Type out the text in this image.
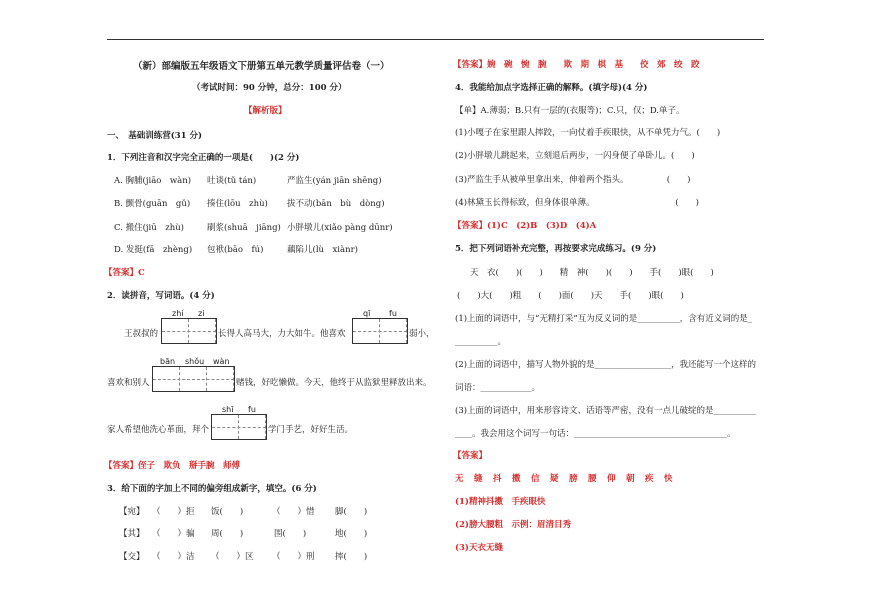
（新）部编版五年级语文下册第五单元教学质量评估卷（一）
（考试时间：90 分钟，总分：100 分）
【解析版】
一、　基础训练营(31 分)
1．下列注音和汉字完全正确的一项是(　　)(2 分)
A. 胸脯(jiāo　wàn) 吐谈(tǔ tán)	严监生(yán jiān shēng)
B. 颤骨(guān　gǔ) 揍住(lōu　zhù) 拔不动(bān　bù　dòng)
C. 搬住(jiū　zhù)	刷浆(shuā　jiāng) 小胖墩儿(xiǎo pàng dūnr)
D. 发挺(fā　zhèng) 包袱(bāo　fú)	藕陷儿(lù　xiànr)
【答案】C
2．读拼音，写词语。(4 分)
zhí zi	qī fu
王叔叔的	长得人高马大，力大如牛。他喜欢	弱小，
bān shǒu wàn
喜欢和别人	赌钱，好吃懒做。今天，他终于从监狱里释放出来。
shī fu
家人希望他洗心革面，拜个	学门手艺，好好生活。
【答案】侄子　欺负　掰手腕　师傅
3．给下面的字加上不同的偏旁组成新字，填空。(6 分)
【宛】 （　　）拒 饭(　　)	（　　）惜 脚(　　)
【其】 （　　）骗 周(　　)	围(　　)	地(　　)
【交】 （　　）洁 （　　）区 （　　）刑 摔(　　)
【答案】婉　碗　惋　腕　　欺　期　棋　基　　佼　郊　绞　跤
4．我能给加点字选择正确的解释。(填字母)(4 分)
【单】A.薄弱；B.只有一层的(衣服等)；C.只，仅；D.单子。
(1)小嘎子在家里跟人摔跤，一向仗着手疾眼快，从不单凭力气。(　　)
(2)小胖墩儿跳起来，立刻退后两步，一闪身便了单卧儿。(　　)
(3)严监生手从被单里拿出来，伸着两个指头。　　　　　(　　)
(4)林黛玉长得标致，但身体很单薄。　　　　　　　　　　(　　)
【答案】(1)C　(2)B　(3)D　(4)A
5．把下列词语补充完整，再按要求完成练习。(9 分)
天　衣(　　)(　　)　　精　神(　　)(　　)　　手(　　)眼(　　)
(　　)大(　　)粗　　(　　)面(　　)天　　手(　　)眼(　　)
(1)上面的词语中，与“无精打采”互为反义词的是__________，含有近义词的是_
__________。
(2)上面的词语中，描写人物外貌的是__________________，我还能写一个这样的
词语：____________。
(3)上面的词语中，用来形容诗文、话语等严密，没有一点儿破绽的是__________
____。我会用这个词写一句话：____________________________________。
【答案】
无　缝　抖　擞　信　疑　膀　腰　仰　朝　疾　快
(1)精神抖擞　手疾眼快
(2)膀大腰粗　示例：眉清目秀
(3)天衣无缝
